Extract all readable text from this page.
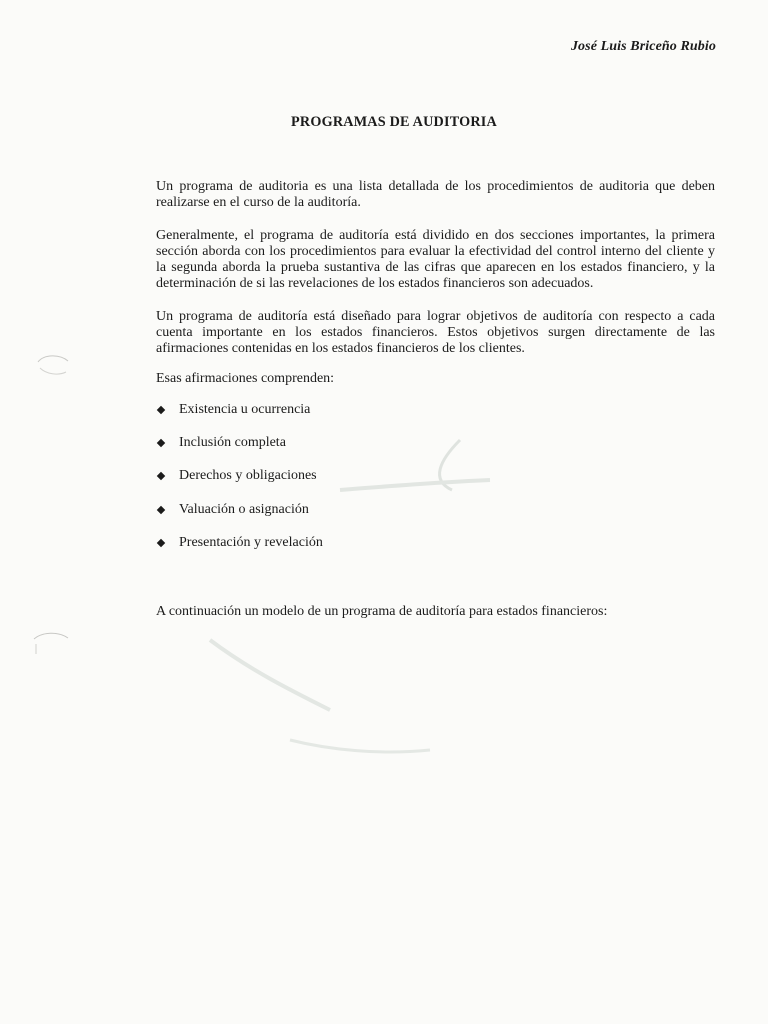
José Luis Briceño Rubio
PROGRAMAS DE AUDITORIA

Un programa de auditoria es una lista detallada de los procedimientos de auditoria que deben realizarse en el curso de la auditoría.

Generalmente, el programa de auditoría está dividido en dos secciones importantes, la primera sección aborda con los procedimientos para evaluar la efectividad del control interno del cliente y la segunda aborda la prueba sustantiva de las cifras que aparecen en los estados financiero, y la determinación de si las revelaciones de los estados financieros son adecuados.

Un programa de auditoría está diseñado para lograr objetivos de auditoría con respecto a cada cuenta importante en los estados financieros. Estos objetivos surgen directamente de las afirmaciones contenidas en los estados financieros de los clientes.

Esas afirmaciones comprenden:
Existencia u ocurrencia
Inclusión completa
Derechos y obligaciones
Valuación o asignación
Presentación y revelación
A continuación un modelo de un programa de auditoría para estados financieros:
